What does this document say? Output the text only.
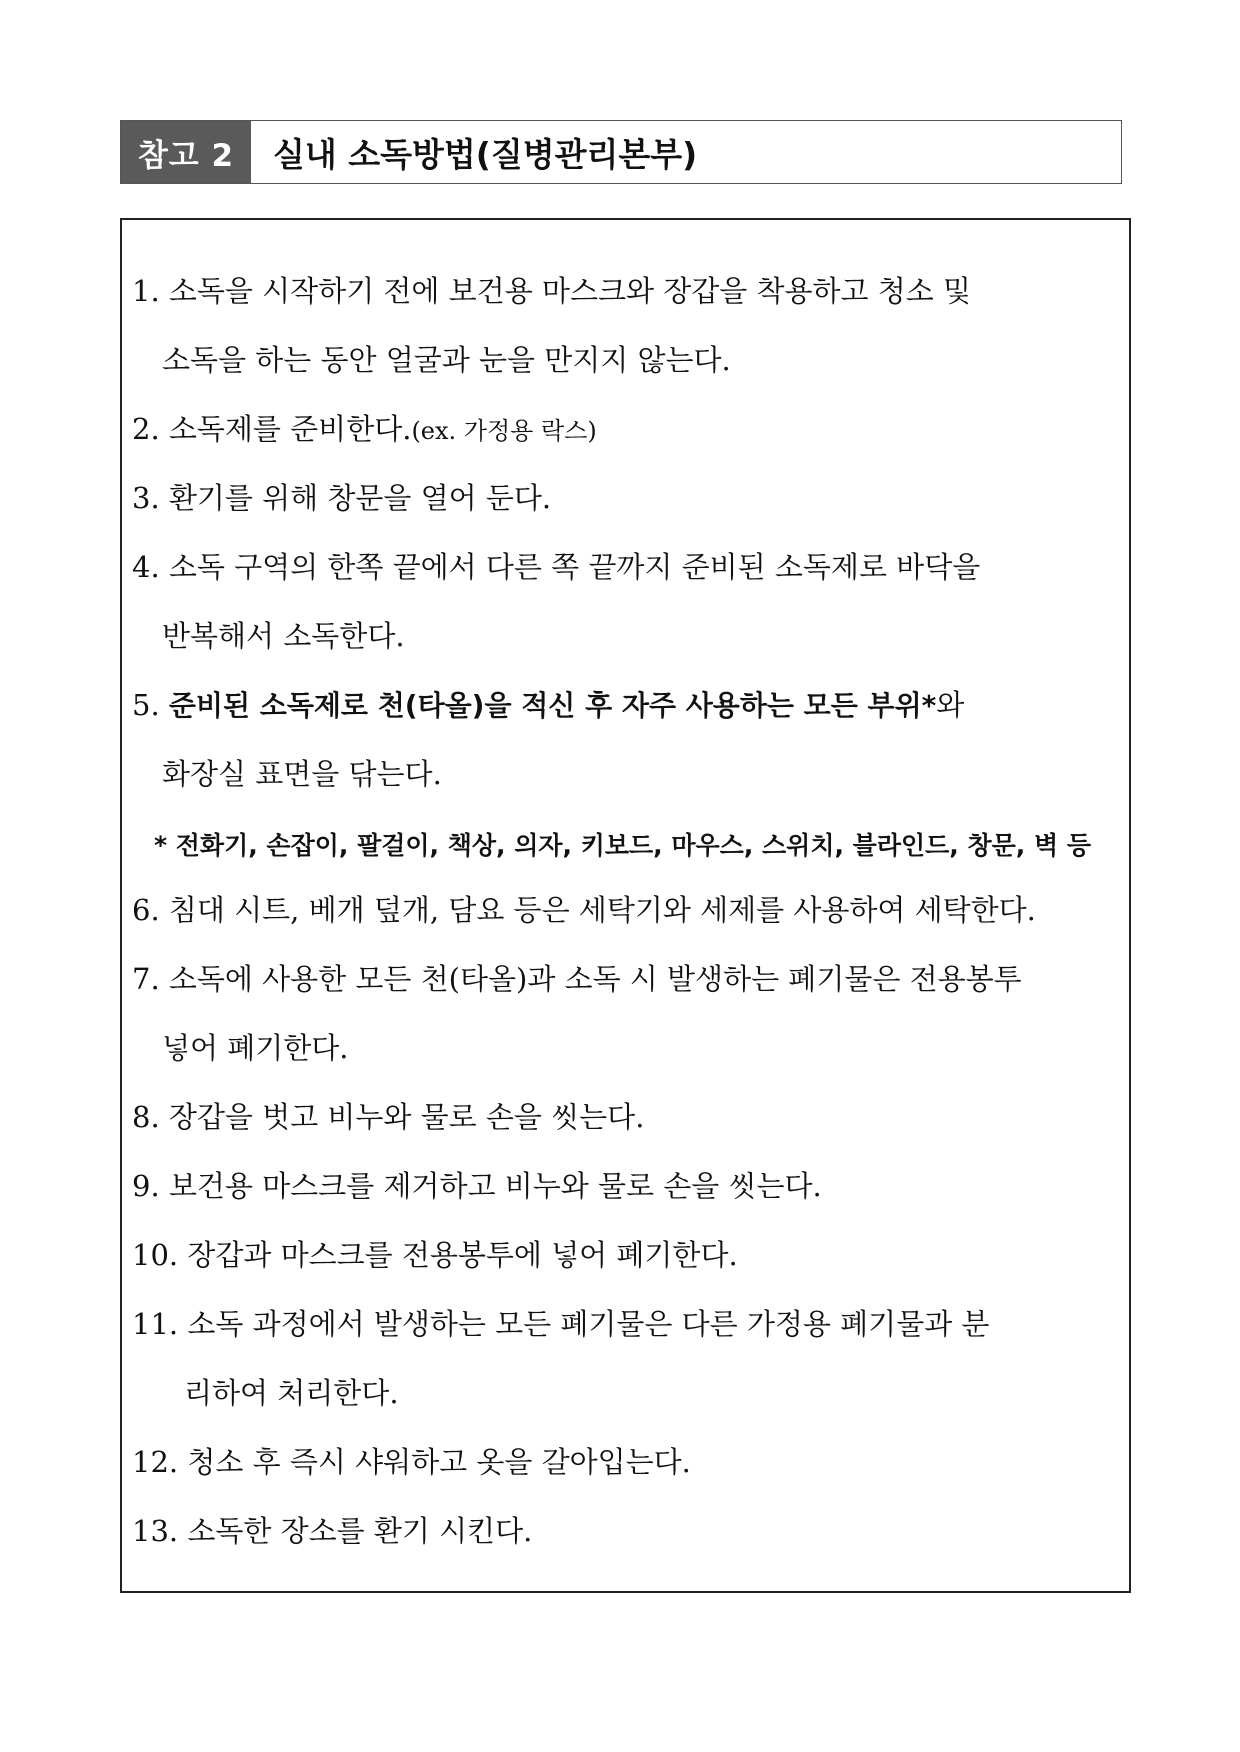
참고 2	실내 소독방법(질병관리본부)
1. 소독을 시작하기 전에 보건용 마스크와 장갑을 착용하고 청소 및
소독을 하는 동안 얼굴과 눈을 만지지 않는다.
2. 소독제를 준비한다.(ex. 가정용 락스)
3. 환기를 위해 창문을 열어 둔다.
4. 소독 구역의 한쪽 끝에서 다른 쪽 끝까지 준비된 소독제로 바닥을
반복해서 소독한다.
5. 준비된 소독제로 천(타올)을 적신 후 자주 사용하는 모든 부위*와
화장실 표면을 닦는다.
* 전화기, 손잡이, 팔걸이, 책상, 의자, 키보드, 마우스, 스위치, 블라인드, 창문, 벽 등
6. 침대 시트, 베개 덮개, 담요 등은 세탁기와 세제를 사용하여 세탁한다.
7. 소독에 사용한 모든 천(타올)과 소독 시 발생하는 폐기물은 전용봉투
넣어 폐기한다.
8. 장갑을 벗고 비누와 물로 손을 씻는다.
9. 보건용 마스크를 제거하고 비누와 물로 손을 씻는다.
10. 장갑과 마스크를 전용봉투에 넣어 폐기한다.
11. 소독 과정에서 발생하는 모든 폐기물은 다른 가정용 폐기물과 분
리하여 처리한다.
12. 청소 후 즉시 샤워하고 옷을 갈아입는다.
13. 소독한 장소를 환기 시킨다.
